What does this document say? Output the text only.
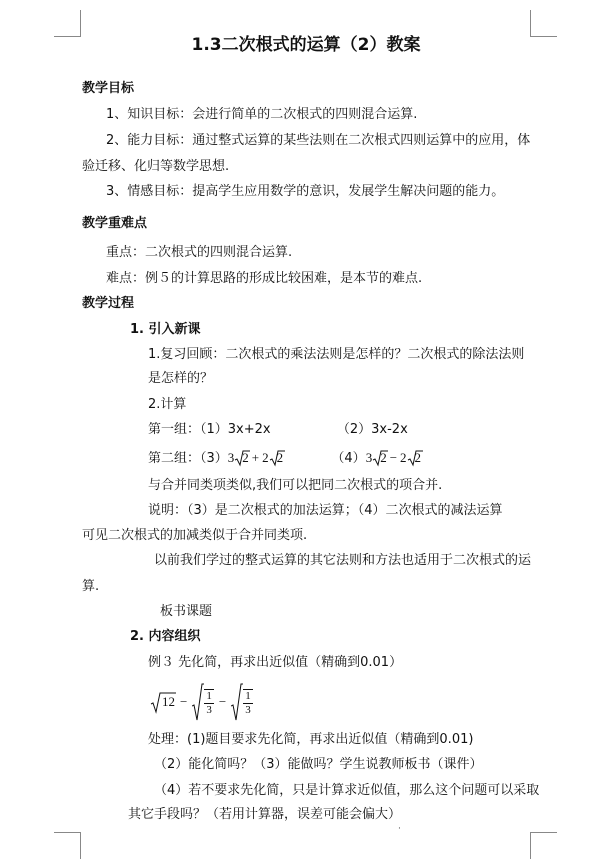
1.3二次根式的运算（2）教案
教学目标
1、知识目标：会进行简单的二次根式的四则混合运算.
2、能力目标：通过整式运算的某些法则在二次根式四则运算中的应用，体
验迁移、化归等数学思想.
3、情感目标：提高学生应用数学的意识，发展学生解决问题的能力。
教学重难点
重点：二次根式的四则混合运算.
难点：例５的计算思路的形成比较困难，是本节的难点.
教学过程
1. 引入新课
1.复习回顾：二次根式的乘法法则是怎样的？二次根式的除法法则
是怎样的？
2.计算
第一组：（1）3x+2x	（2）3x-2x
第二组：（3） 3 2 + 2 2	（4） 3 2 − 2 2
与合并同类项类似,我们可以把同二次根式的项合并.
说明：（3）是二次根式的加法运算；（4）二次根式的减法运算
可见二次根式的加减类似于合并同类项.
以前我们学过的整式运算的其它法则和方法也适用于二次根式的运
算.
板书课题
2. 内容组织
例３ 先化简，再求出近似值（精确到0.01）
12 − 1
3
− 1
3
处理：(1)题目要求先化简，再求出近似值（精确到0.01)
（2）能化简吗？（3）能做吗？学生说教师板书（课件）
（4）若不要求先化简，只是计算求近似值，那么这个问题可以采取
其它手段吗？（若用计算器，误差可能会偏大）
·
